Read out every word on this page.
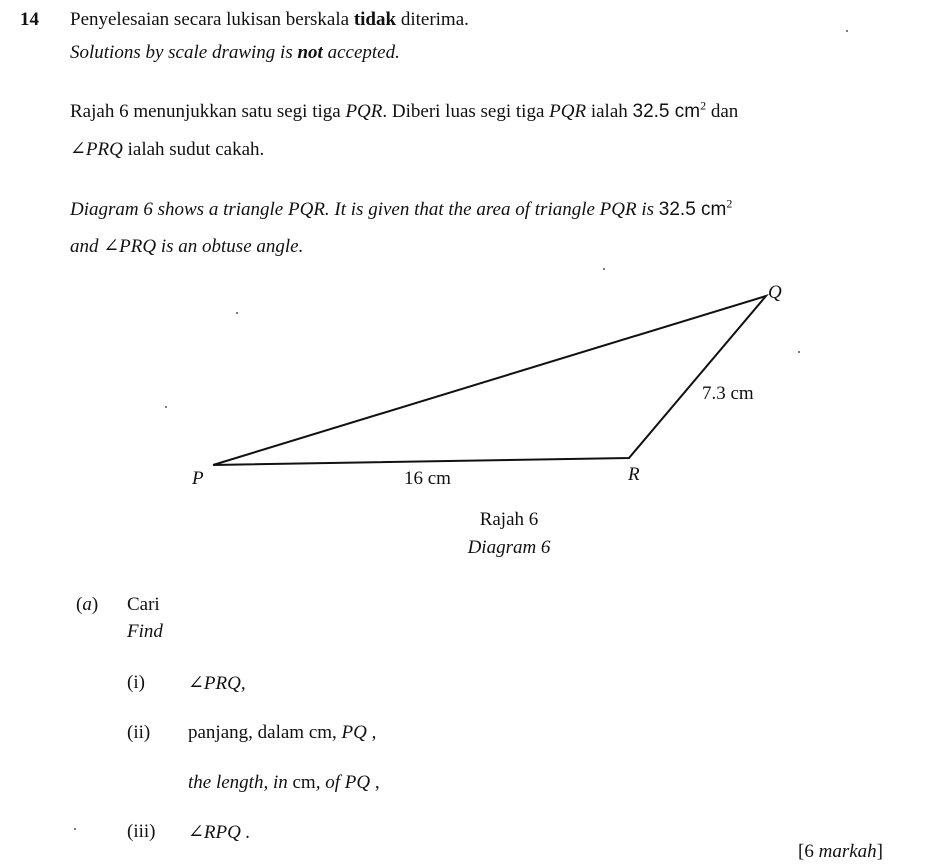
14 Penyelesaian secara lukisan berskala tidak diterima.
Solutions by scale drawing is not accepted.
Rajah 6 menunjukkan satu segi tiga PQR. Diberi luas segi tiga PQR ialah 32.5 $cm^2$ dan
∠PRQ ialah sudut cakah.
Diagram 6 shows a triangle PQR. It is given that the area of triangle PQR is 32.5 $cm^2$
and ∠PRQ is an obtuse angle.
P
Q
R
16 cm
7.3 cm
Rajah 6
Diagram 6
(a) Cari
Find
(i) ∠PRQ,
(ii) panjang, dalam cm, PQ ,
the length, in cm, of PQ ,
(iii) ∠RPQ .
[6 markah]
